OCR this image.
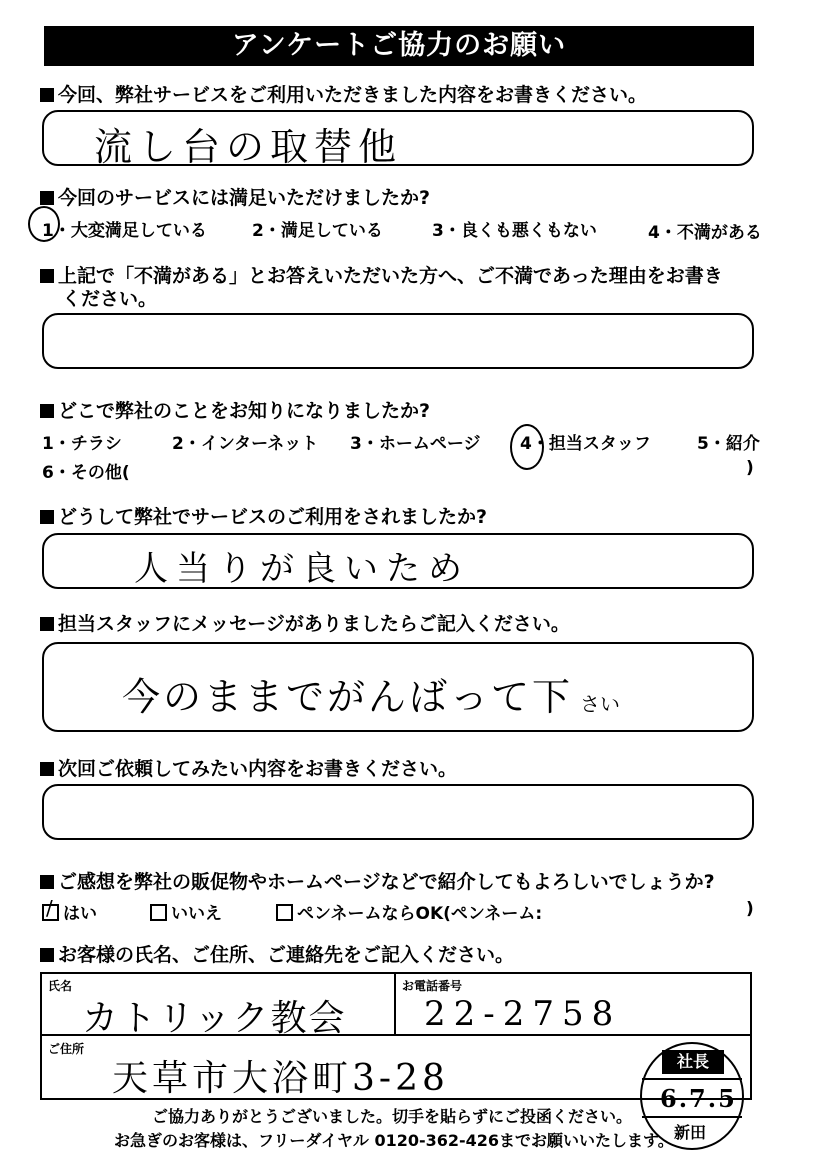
アンケートご協力のお願い
今回、弊社サービスをご利用いただきました内容をお書きください。
流し台の取替他
今回のサービスには満足いただけましたか?
1・大変満足している	2・満足している	3・良くも悪くもない	4・不満がある
上記で「不満がある」とお答えいただいた方へ、ご不満であった理由をお書き
ください。
どこで弊社のことをお知りになりましたか?
1・チラシ	2・インターネット 3・ホームページ 4・担当スタッフ	5・紹介
6・その他(	)
どうして弊社でサービスのご利用をされましたか?
人当りが良いため
担当スタッフにメッセージがありましたらご記入ください。
今のままでがんばって下 さい
次回ご依頼してみたい内容をお書きください。
ご感想を弊社の販促物やホームページなどで紹介してもよろしいでしょうか?
/ はい	いいえ	ペンネームならOK(ペンネーム:	)
お客様の氏名、ご住所、ご連絡先をご記入ください。
氏名
カトリック教会
お電話番号
22-2758
ご住所
天草市大浴町3-28	社長
6.7.5
新田
ご協力ありがとうございました。切手を貼らずにご投函ください。
お急ぎのお客様は、フリーダイヤル 0120-362-426までお願いいたします。
